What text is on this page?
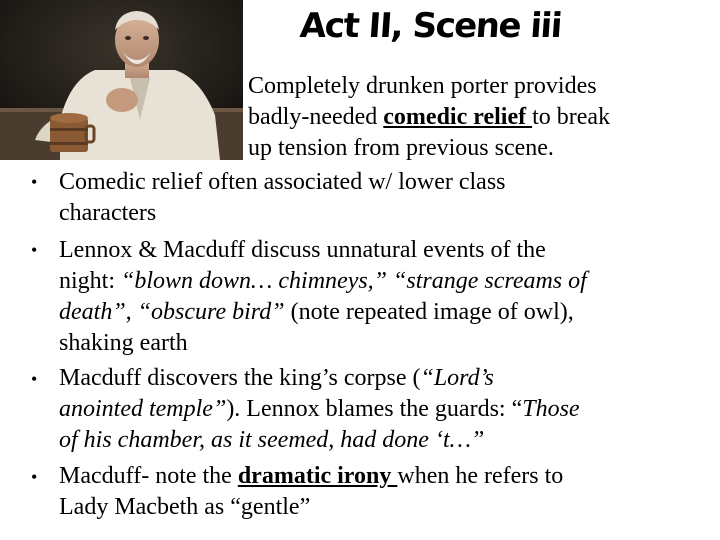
Act II, Scene iii
Completely drunken porter provides
badly-needed comedic relief to break
up tension from previous scene.
• Comedic relief often associated w/ lower class
characters
• Lennox & Macduff discuss unnatural events of the
night: “blown down… chimneys,” “strange screams of
death”, “obscure bird” (note repeated image of owl),
shaking earth
• Macduff discovers the king’s corpse (“Lord’s
anointed temple”). Lennox blames the guards: “Those
of his chamber, as it seemed, had done ‘t…”
• Macduff- note the dramatic irony when he refers to
Lady Macbeth as “gentle”
